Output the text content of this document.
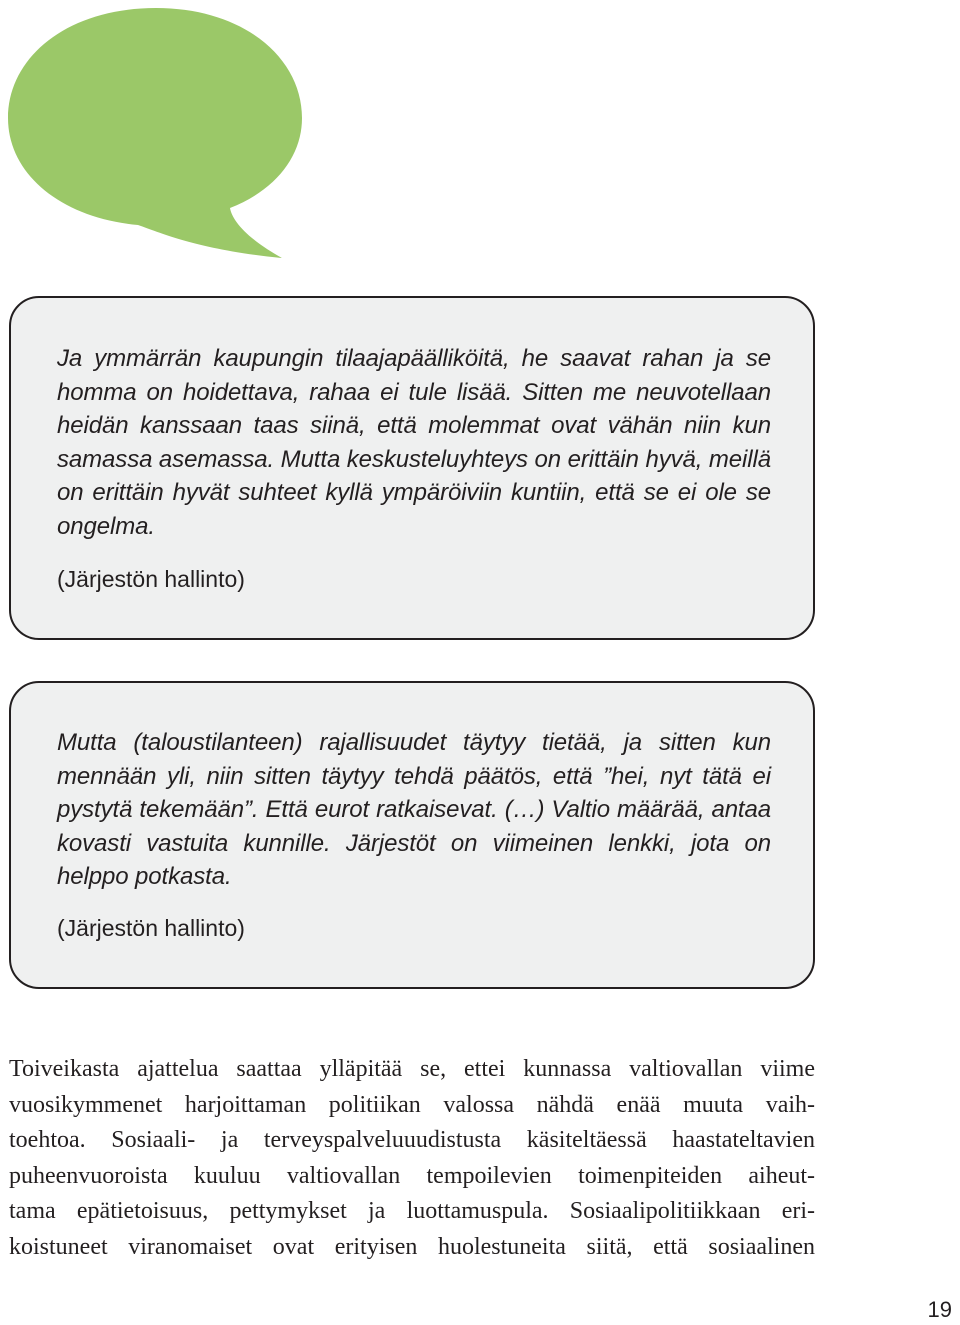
Ja ymmärrän kaupungin tilaajapäälliköitä, he saavat rahan ja se homma on hoidettava, rahaa ei tule lisää. Sitten me neuvotellaan heidän kanssaan taas siinä, että molemmat ovat vähän niin kun samassa asemassa. Mutta keskusteluyhteys on erittäin hyvä, meillä on erittäin hyvät suhteet kyllä ympäröiviin kuntiin, että se ei ole se ongelma.

(Järjestön hallinto)

Mutta (taloustilanteen) rajallisuudet täytyy tietää, ja sitten kun mennään yli, niin sitten täytyy tehdä päätös, että ”hei, nyt tätä ei pystytä tekemään”. Että eurot ratkaisevat. (…) Valtio määrää, antaa kovasti vastuita kunnille. Järjestöt on viimeinen lenkki, jota on helppo potkasta.

(Järjestön hallinto)

Toiveikasta ajattelua saattaa ylläpitää se, ettei kunnassa valtiovallan viime
vuosikymmenet harjoittaman politiikan valossa nähdä enää muuta vaih-
toehtoa. Sosiaali- ja terveyspalveluuudistusta käsiteltäessä haastateltavien
puheenvuoroista kuuluu valtiovallan tempoilevien toimenpiteiden aiheut-
tama epätietoisuus, pettymykset ja luottamuspula. Sosiaalipolitiikkaan eri-
koistuneet viranomaiset ovat erityisen huolestuneita siitä, että sosiaalinen

19
